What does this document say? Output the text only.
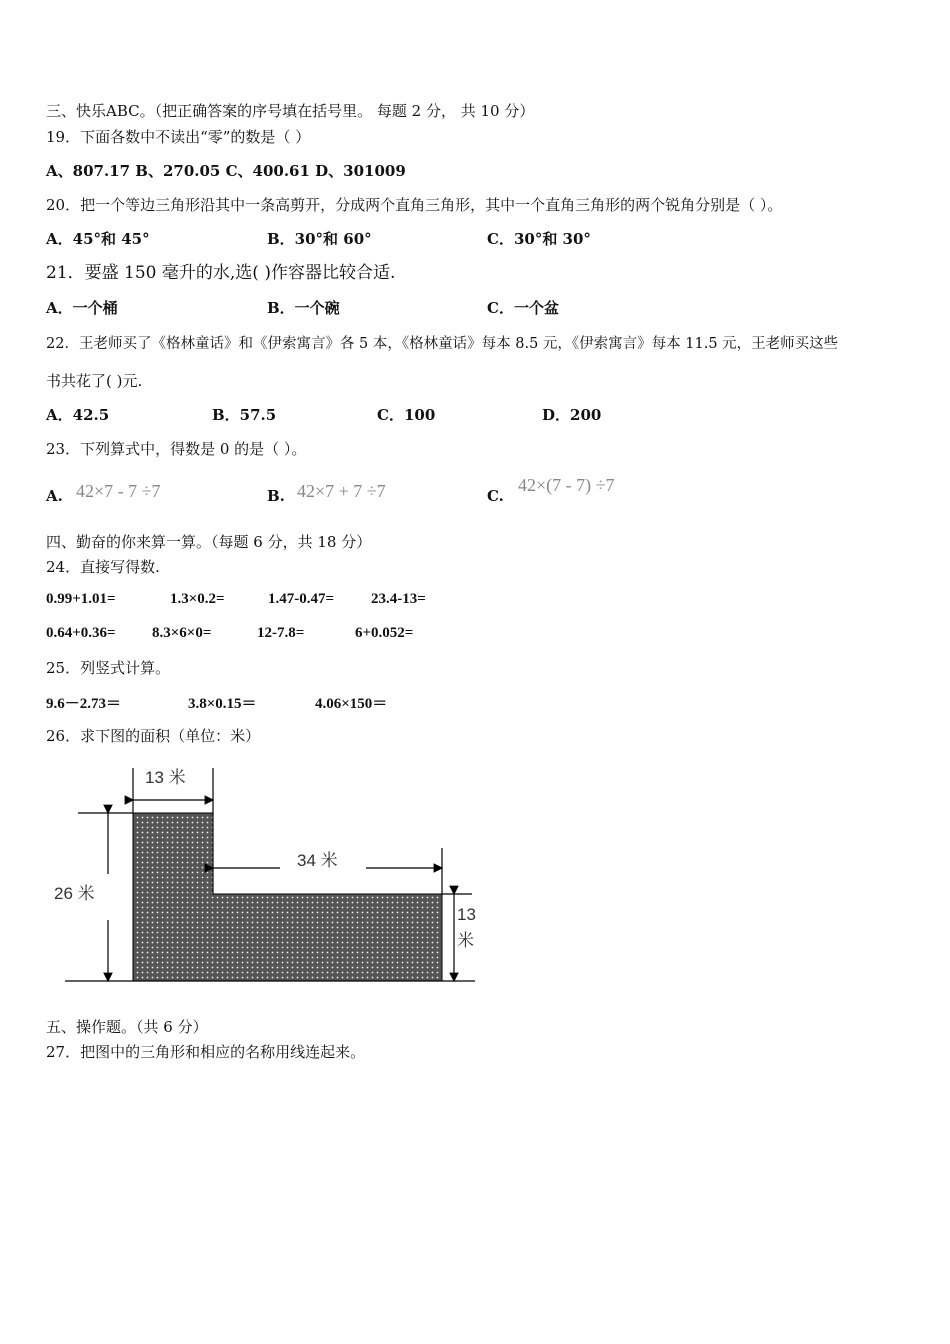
三、快乐ABC。（把正确答案的序号填在括号里。 每题 2 分， 共 10 分）
19．下面各数中不读出“零”的数是（ ）
A、807.17 B、270.05 C、400.61 D、301009
20．把一个等边三角形沿其中一条高剪开，分成两个直角三角形，其中一个直角三角形的两个锐角分别是（ ）。
A．45°和 45°	B．30°和 60°	C．30°和 30°
21．要盛 150 毫升的水,选( )作容器比较合适.
A．一个桶	B．一个碗	C．一个盆
22．王老师买了《格林童话》和《伊索寓言》各 5 本，《格林童话》每本 8.5 元，《伊索寓言》每本 11.5 元，王老师买这些
书共花了( )元.
A．42.5	B．57.5	C．100	D．200
23．下列算式中，得数是 0 的是（ ）。
A. 42×7 - 7 ÷7	B. 42×7 + 7 ÷7	C.
42×(7 - 7) ÷7
四、勤奋的你来算一算。（每题 6 分，共 18 分）
24．直接写得数.
0.99+1.01=	1.3×0.2=	1.47-0.47= 23.4-13=
0.64+0.36= 8.3×6×0=	12-7.8=	6+0.052=
25．列竖式计算。
9.6－2.73＝	3.8×0.15＝	4.06×150＝
26．求下图的面积（单位：米）
13 米
34 米
26 米
13
米
五、操作题。（共 6 分）
27．把图中的三角形和相应的名称用线连起来。
